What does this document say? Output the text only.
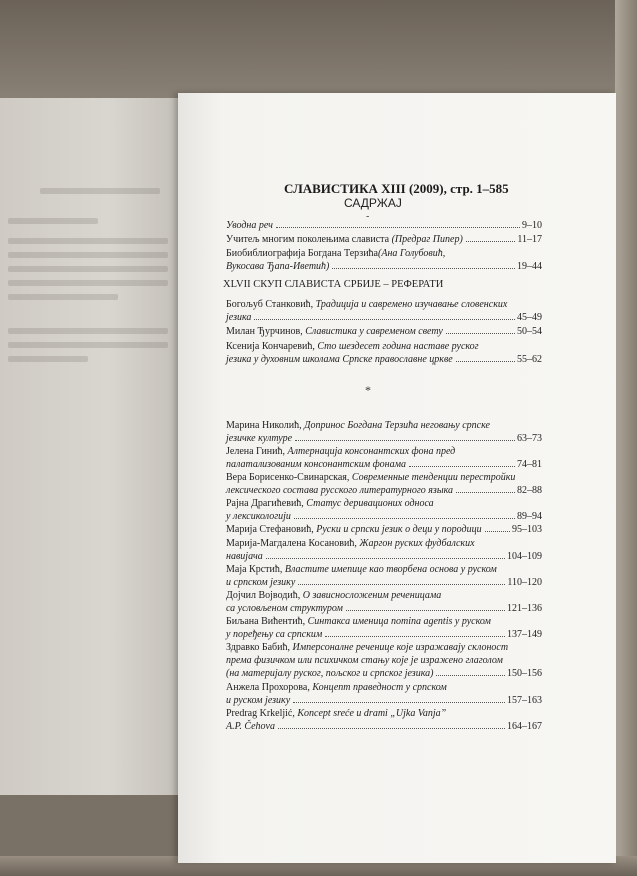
СЛАВИСТИКА XIII (2009), стр. 1–585
САДРЖАЈ
-
Уводна реч	9–10
Учитељ многим поколењима слависта (Предраг Пипер)	11–17
Биобиблиографија Богдана Терзића(Ана Голубовић,
Вукосава Ђапа-Иветић)	19–44
XLVII СКУП СЛАВИСТА СРБИЈЕ – РЕФЕРАТИ
Богољуб Станковић, Традиција и савремено изучавање словенских
језика	45–49
Милан Ђурчинов, Славистика у савременом свету	50–54
Ксенија Кончаревић, Сто шездесет година наставе руског
језика у духовним школама Српске православне цркве	55–62
*
Марина Николић, Допринос Богдана Терзића неговању српске
језичке културе	63–73
Јелена Гинић, Алтернација консонантских фона пред
палатализованим консонантским фонама	74–81
Вера Борисенко-Свинарская, Современные тенденции перестройки
лексического состава русского литературного языка	82–88
Рајна Драгићевић, Статус деривационих односа
у лексикологији	89–94
Марија Стефановић, Руски и српски језик о деци у породици	95–103
Марија-Магдалена Косановић, Жаргон руских фудбалских
навијача	104–109
Маја Крстић, Властите имenице као творбена основа у руском
и српском језику	110–120
Дојчил Војводић, О зависносложеним реченицама
са условљеном структуром	121–136
Биљана Вићентић, Синтакса именица nomina agentis у руском
у поређењу са српским	137–149
Здравко Бабић, Имперсоналне реченице које изражавају склоност
према физичком или психичком стању које је изражено глаголом
(на материјалу руског, пољског и српског језика)	150–156
Анжела Прохорова, Концепт праведност у српском
и руском језику	157–163
Predrag Krkeljić, Koncept sreće u drami „Ujka Vanja”
A.P. Čehova	164–167
